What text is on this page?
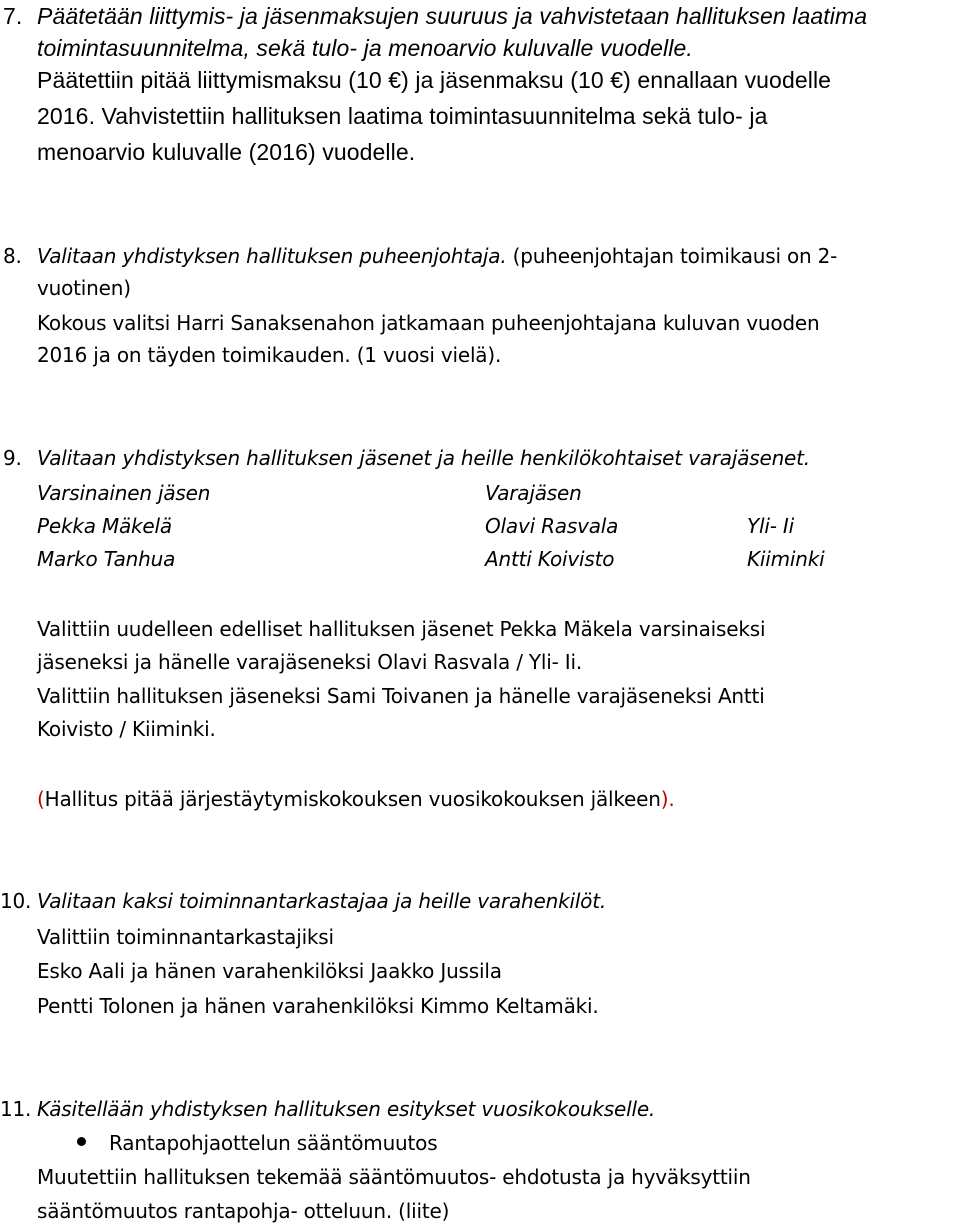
7. Päätetään liittymis- ja jäsenmaksujen suuruus ja vahvistetaan hallituksen laatima
toimintasuunnitelma, sekä tulo- ja menoarvio kuluvalle vuodelle.
Päätettiin pitää liittymismaksu (10 €) ja jäsenmaksu (10 €) ennallaan vuodelle
2016. Vahvistettiin hallituksen laatima toimintasuunnitelma sekä tulo- ja
menoarvio kuluvalle (2016) vuodelle.
8. Valitaan yhdistyksen hallituksen puheenjohtaja. (puheenjohtajan toimikausi on 2-
vuotinen)
Kokous valitsi Harri Sanaksenahon jatkamaan puheenjohtajana kuluvan vuoden
2016 ja on täyden toimikauden. (1 vuosi vielä).
9. Valitaan yhdistyksen hallituksen jäsenet ja heille henkilökohtaiset varajäsenet.
Varsinainen jäsen	Varajäsen
Pekka Mäkelä	Olavi Rasvala	Yli- Ii
Marko Tanhua	Antti Koivisto	Kiiminki
Valittiin uudelleen edelliset hallituksen jäsenet Pekka Mäkela varsinaiseksi
jäseneksi ja hänelle varajäseneksi Olavi Rasvala / Yli- Ii.
Valittiin hallituksen jäseneksi Sami Toivanen ja hänelle varajäseneksi Antti
Koivisto / Kiiminki.
(Hallitus pitää järjestäytymiskokouksen vuosikokouksen jälkeen).
10. Valitaan kaksi toiminnantarkastajaa ja heille varahenkilöt.
Valittiin toiminnantarkastajiksi
Esko Aali ja hänen varahenkilöksi Jaakko Jussila
Pentti Tolonen ja hänen varahenkilöksi Kimmo Keltamäki.
11. Käsitellään yhdistyksen hallituksen esitykset vuosikokoukselle.
Rantapohjaottelun sääntömuutos
Muutettiin hallituksen tekemää sääntömuutos- ehdotusta ja hyväksyttiin
sääntömuutos rantapohja- otteluun. (liite)
